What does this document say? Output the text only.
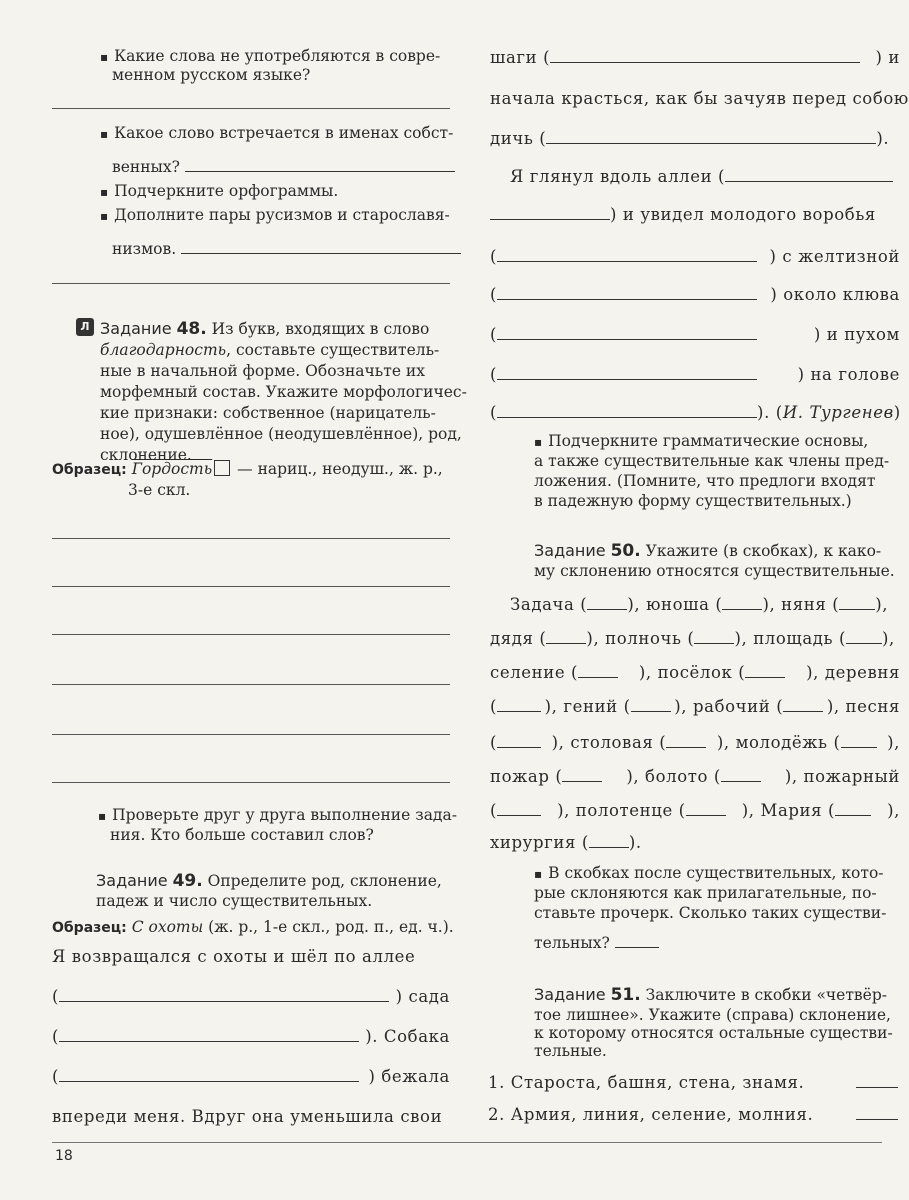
▪ Какие слова не употребляются в совре-
менном русском языке?
▪ Какое слово встречается в именах собст-
венных?
▪ Подчеркните орфограммы.
▪ Дополните пары русизмов и старославя-
низмов.
Л Задание 48. Из букв, входящих в слово
благодарность, составьте существитель-
ные в начальной форме. Обозначьте их
морфемный состав. Укажите морфологичес-
кие признаки: собственное (нарицатель-
ное), одушевлённое (неодушевлённое), род,
склонение.
Образец: Гордость — нариц., неодуш., ж. р.,
3-е скл.
▪ Проверьте друг у друга выполнение зада-
ния. Кто больше составил слов?
Задание 49. Определите род, склонение,
падеж и число существительных.
Образец: С охоты (ж. р., 1-е скл., род. п., ед. ч.).
Я возвращался с охоты и шёл по аллее
(	) сада
(	). Собака
(	) бежала
впереди меня. Вдруг она уменьшила свои
шаги (	) и
начала красться, как бы зачуяв перед собою
дичь (	).
Я глянул вдоль аллеи (
) и увидел молодого воробья
(	) с желтизной
(	) около клюва
(	) и пухом
(	) на голове
(	). (И. Тургенев)
▪ Подчеркните грамматические основы,
а также существительные как члены пред-
ложения. (Помните, что предлоги входят
в падежную форму существительных.)
Задание 50. Укажите (в скобках), к како-
му склонению относятся существительные.
Задача ( ), юноша ( ), няня ( ),
дядя ( ), полночь ( ), площадь ( ),
селение (	), посёлок (	), деревня
(	), гений (	), рабочий (	), песня
(	), столовая (	), молодёжь (	),
пожар (	), болото (	), пожарный
(	), полотенце (	), Мария (	),
хирургия ( ).
▪ В скобках после существительных, кото-
рые склоняются как прилагательные, по-
ставьте прочерк. Сколько таких существи-
тельных?
Задание 51. Заключите в скобки «четвёр-
тое лишнее». Укажите (справа) склонение,
к которому относятся остальные существи-
тельные.
1. Староста, башня, стена, знамя.
2. Армия, линия, селение, молния.
18
